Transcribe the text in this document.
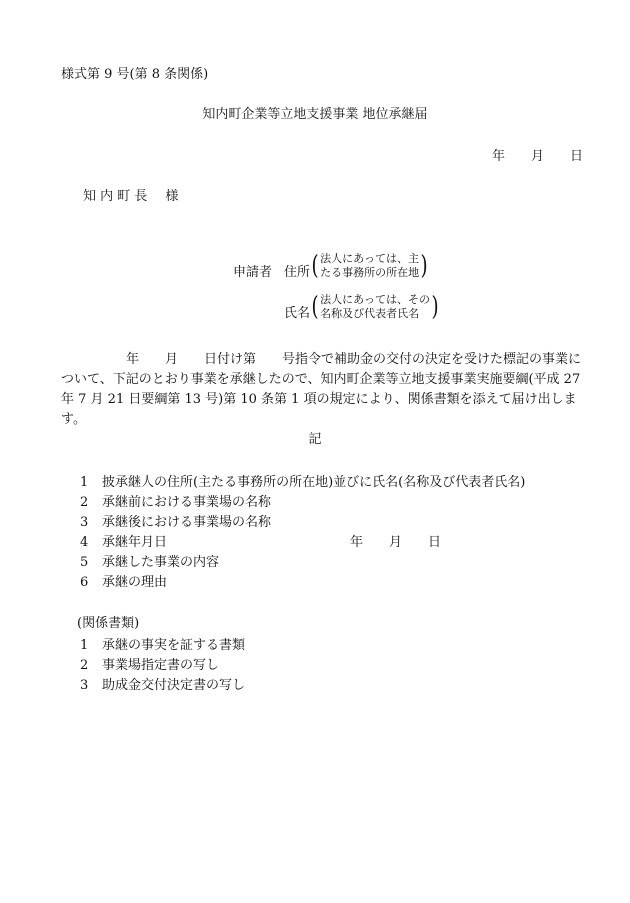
様式第 9 号(第 8 条関係)
知内町企業等立地支援事業 地位承継届
年 月 日
知 内 町 長 様
申請者 住所 ( 法人にあっては、主
たる事務所の所在地 )
氏名 ( 法人にあっては、その
名称及び代表者氏名 )
　　　　　年　　月　　日付け第　　号指令で補助金の交付の決定を受けた標記の事業について、下記のとおり事業を承継したので、知内町企業等立地支援事業実施要綱(平成 27 年 7 月 21 日要綱第 13 号)第 10 条第 1 項の規定により、関係書類を添えて届け出します。
記
1	披承継人の住所(主たる事務所の所在地)並びに氏名(名称及び代表者氏名)
2	承継前における事業場の名称
3	承継後における事業場の名称
4	承継年月日	年　　月　　日
5	承継した事業の内容
6	承継の理由
(関係書類)
1	承継の事実を証する書類
2	事業場指定書の写し
3	助成金交付決定書の写し
